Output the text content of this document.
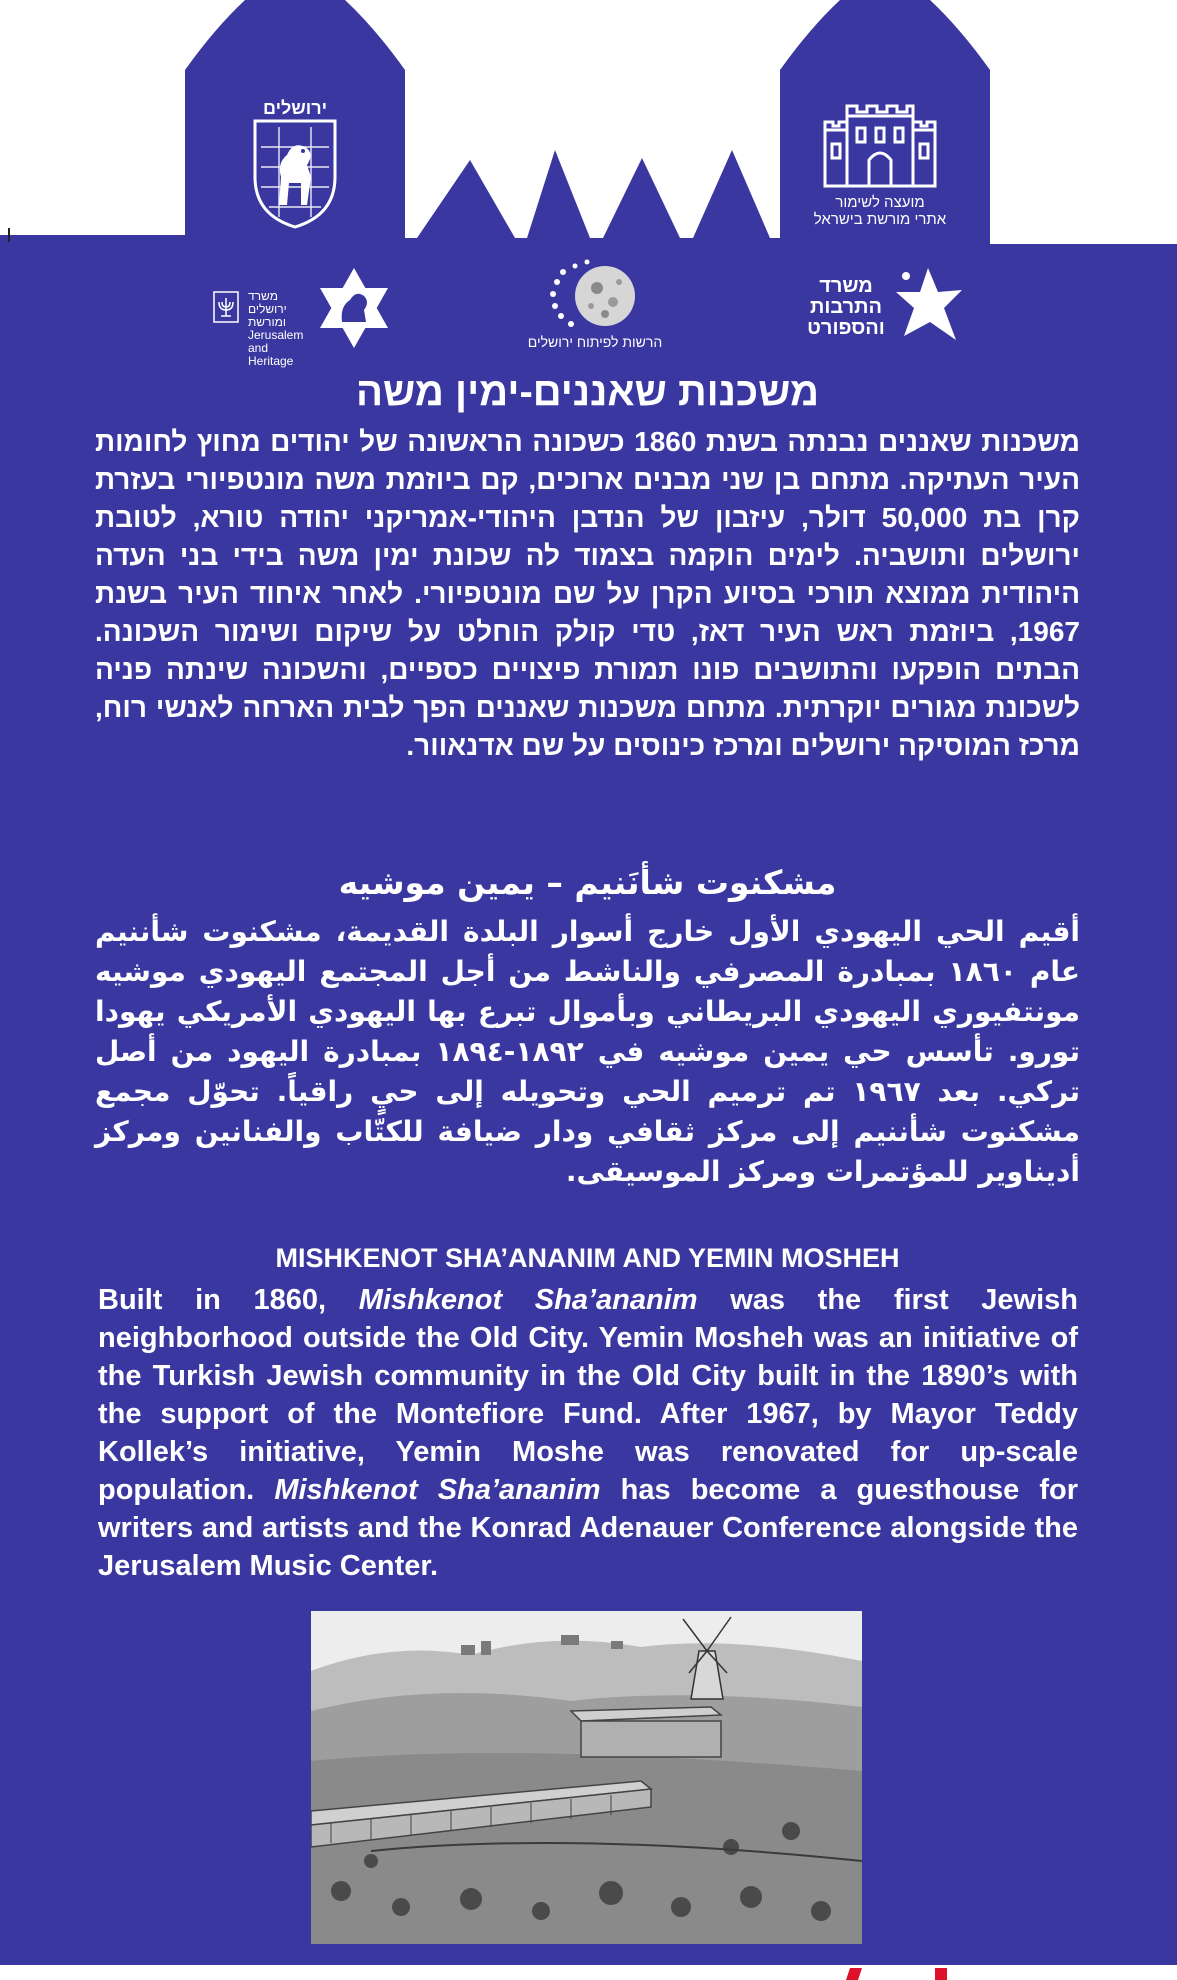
ירושלים
מועצה לשימור
אתרי מורשת בישראל
משרד ירושלים
ומורשת
Jerusalem and
Heritage
הרשות לפיתוח ירושלים
משרד
התרבות
והספורט
משכנות שאננים-ימין משה

משכנות שאננים נבנתה בשנת 1860 כשכונה הראשונה של יהודים מחוץ לחומות העיר העתיקה. מתחם בן שני מבנים ארוכים, קם ביוזמת משה מונטפיורי בעזרת קרן בת 50,000 דולר, עיזבון של הנדבן היהודי-אמריקני יהודה טורא, לטובת ירושלים ותושביה. לימים הוקמה בצמוד לה שכונת ימין משה בידי בני העדה היהודית ממוצא תורכי בסיוע הקרן על שם מונטפיורי. לאחר איחוד העיר בשנת 1967, ביוזמת ראש העיר דאז, טדי קולק הוחלט על שיקום ושימור השכונה. הבתים הופקעו והתושבים פונו תמורת פיצויים כספיים, והשכונה שינתה פניה לשכונת מגורים יוקרתית. מתחם משכנות שאננים הפך לבית הארחה לאנשי רוח, מרכז המוסיקה ירושלים ומרכז כינוסים על שם אדנאוור.

مشكنوت شأنَنيم – يمين موشيه

أقيم الحي اليهودي الأول خارج أسوار البلدة القديمة، مشكنوت شأننيم عام ١٨٦٠ بمبادرة المصرفي والناشط من أجل المجتمع اليهودي موشيه مونتفيوري اليهودي البريطاني وبأموال تبرع بها اليهودي الأمريكي يهودا تورو. تأسس حي يمين موشيه في ١٨٩٢-١٨٩٤ بمبادرة اليهود من أصل تركي. بعد ١٩٦٧ تم ترميم الحي وتحويله إلى حيٍ راقياً. تحوّل مجمع مشكنوت شأننيم إلى مركز ثقافي ودار ضيافة للكتّاب والفنانين ومركز أديناوير للمؤتمرات ومركز الموسيقى.

MISHKENOT SHA’ANANIM AND YEMIN MOSHEH

Built in 1860, Mishkenot Sha’ananim was the first Jewish neighborhood outside the Old City. Yemin Mosheh was an initiative of the Turkish Jewish community in the Old City built in the 1890’s with the support of the Montefiore Fund. After 1967, by Mayor Teddy Kollek’s initiative, Yemin Moshe was renovated for up-scale population. Mishkenot Sha’ananim has become a guesthouse for writers and artists and the Konrad Adenauer Conference alongside the Jerusalem Music Center.
